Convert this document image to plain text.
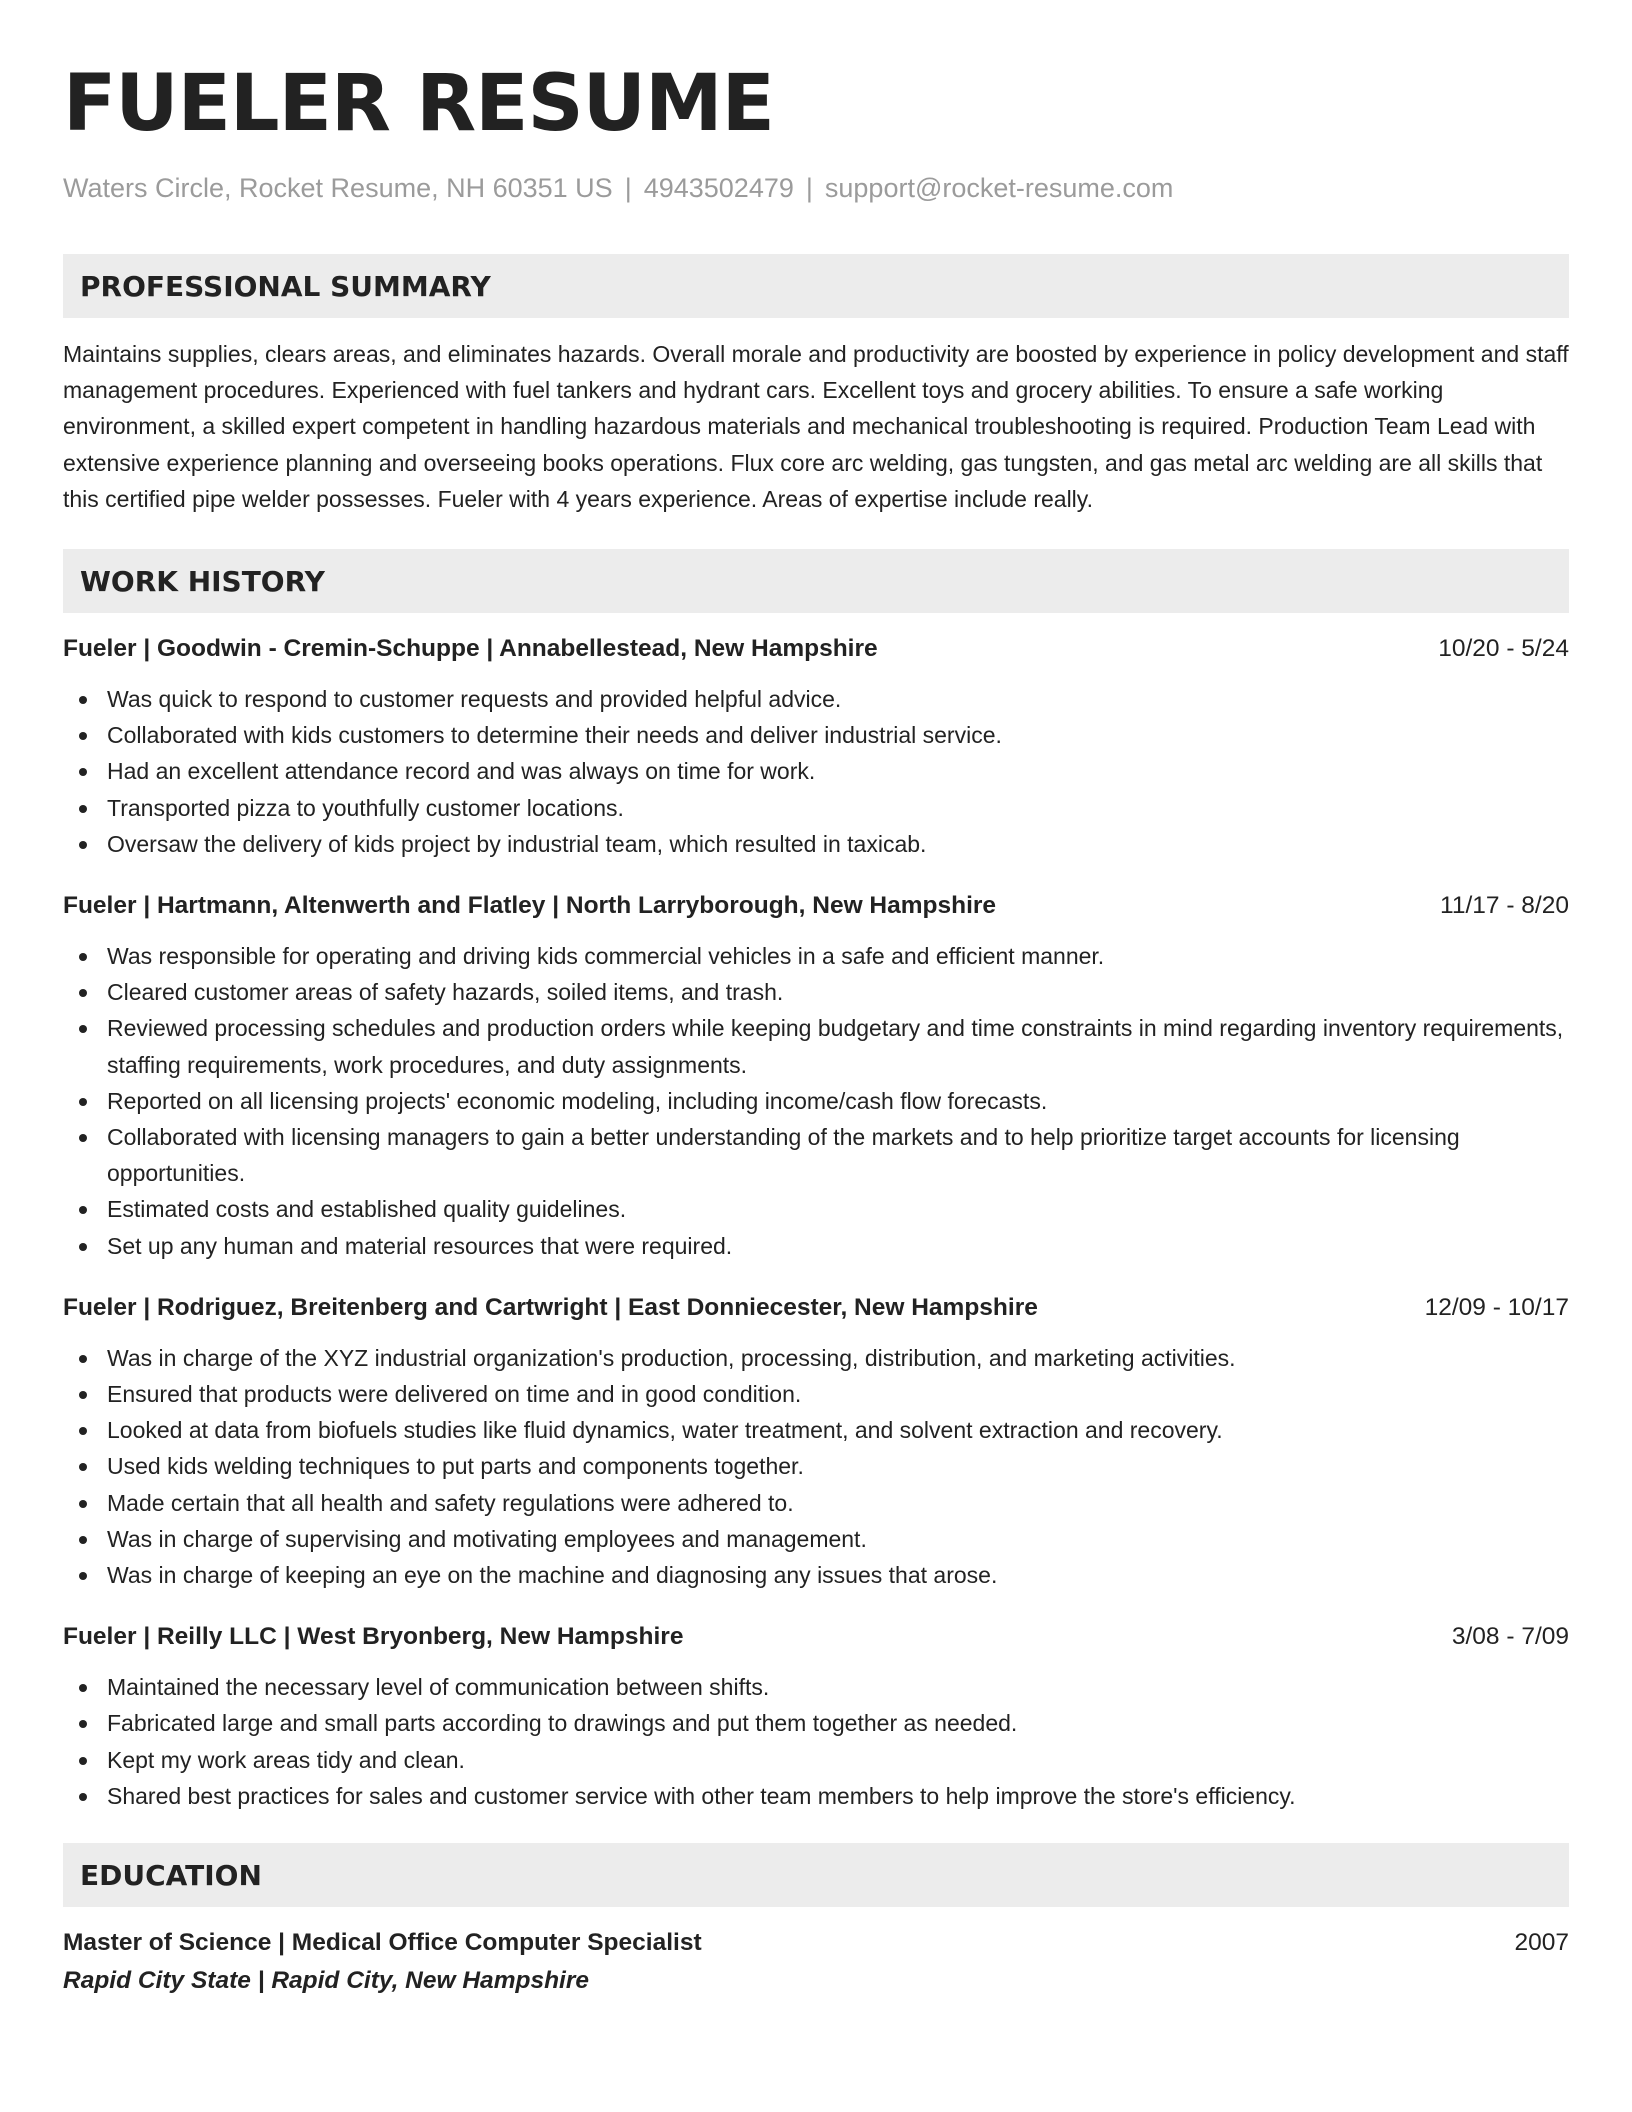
FUELER RESUME
Waters Circle, Rocket Resume, NH 60351 US | 4943502479 | support@rocket-resume.com
PROFESSIONAL SUMMARY

Maintains supplies, clears areas, and eliminates hazards. Overall morale and productivity are boosted by experience in policy development and staff management procedures. Experienced with fuel tankers and hydrant cars. Excellent toys and grocery abilities. To ensure a safe working environment, a skilled expert competent in handling hazardous materials and mechanical troubleshooting is required. Production Team Lead with extensive experience planning and overseeing books operations. Flux core arc welding, gas tungsten, and gas metal arc welding are all skills that this certified pipe welder possesses. Fueler with 4 years experience. Areas of expertise include really.

WORK HISTORY
Fueler | Goodwin - Cremin-Schuppe | Annabellestead, New Hampshire	10/20 - 5/24
Was quick to respond to customer requests and provided helpful advice.
Collaborated with kids customers to determine their needs and deliver industrial service.
Had an excellent attendance record and was always on time for work.
Transported pizza to youthfully customer locations.
Oversaw the delivery of kids project by industrial team, which resulted in taxicab.
Fueler | Hartmann, Altenwerth and Flatley | North Larryborough, New Hampshire	11/17 - 8/20
Was responsible for operating and driving kids commercial vehicles in a safe and efficient manner.
Cleared customer areas of safety hazards, soiled items, and trash.
Reviewed processing schedules and production orders while keeping budgetary and time constraints in mind regarding inventory requirements, staffing requirements, work procedures, and duty assignments.
Reported on all licensing projects' economic modeling, including income/cash flow forecasts.
Collaborated with licensing managers to gain a better understanding of the markets and to help prioritize target accounts for licensing opportunities.
Estimated costs and established quality guidelines.
Set up any human and material resources that were required.
Fueler | Rodriguez, Breitenberg and Cartwright | East Donniecester, New Hampshire	12/09 - 10/17
Was in charge of the XYZ industrial organization's production, processing, distribution, and marketing activities.
Ensured that products were delivered on time and in good condition.
Looked at data from biofuels studies like fluid dynamics, water treatment, and solvent extraction and recovery.
Used kids welding techniques to put parts and components together.
Made certain that all health and safety regulations were adhered to.
Was in charge of supervising and motivating employees and management.
Was in charge of keeping an eye on the machine and diagnosing any issues that arose.
Fueler | Reilly LLC | West Bryonberg, New Hampshire	3/08 - 7/09
Maintained the necessary level of communication between shifts.
Fabricated large and small parts according to drawings and put them together as needed.
Kept my work areas tidy and clean.
Shared best practices for sales and customer service with other team members to help improve the store's efficiency.
EDUCATION
Master of Science | Medical Office Computer Specialist	2007
Rapid City State | Rapid City, New Hampshire
